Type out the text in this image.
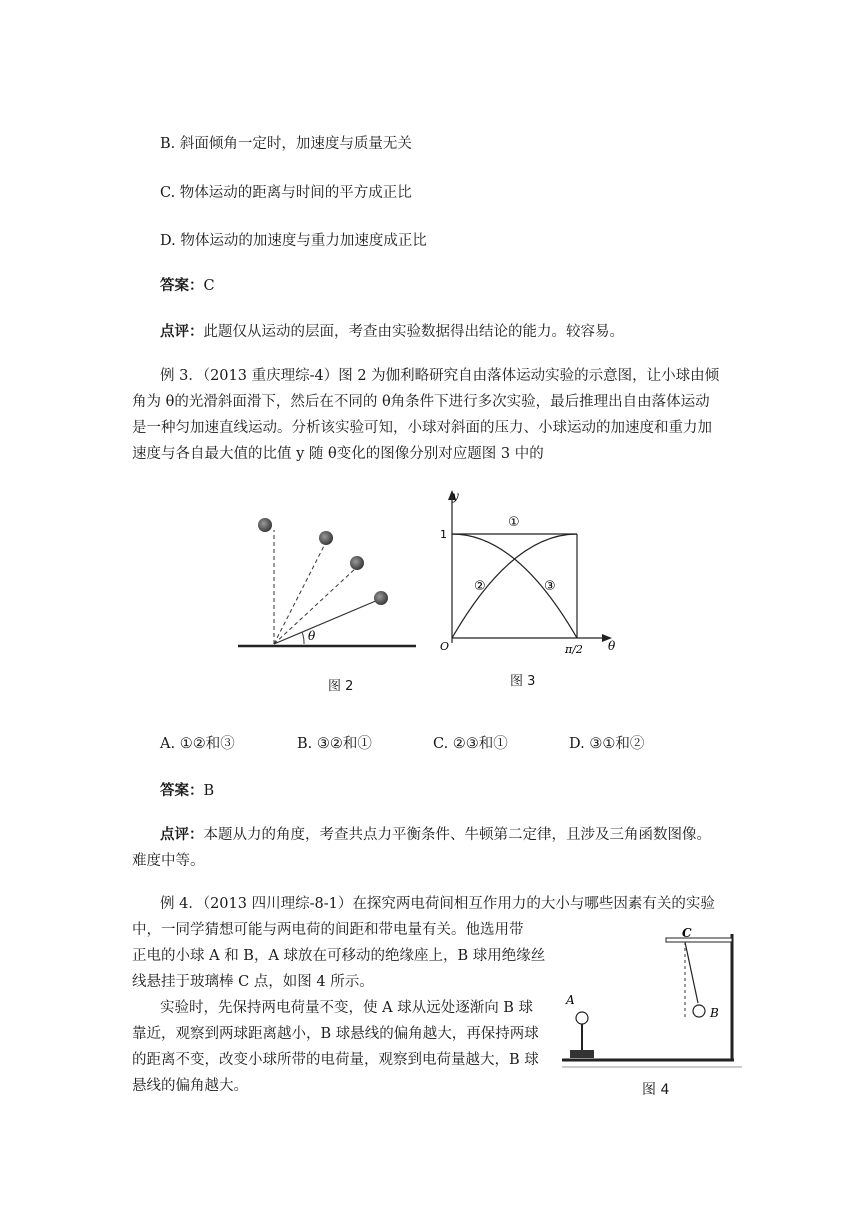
B. 斜面倾角一定时，加速度与质量无关
C. 物体运动的距离与时间的平方成正比
D. 物体运动的加速度与重力加速度成正比
答案：C
点评：此题仅从运动的层面，考查由实验数据得出结论的能力。较容易。

例 3．（2013 重庆理综-4）图 2 为伽利略研究自由落体运动实验的示意图，让小球由倾

角为 θ的光滑斜面滑下，然后在不同的 θ角条件下进行多次实验，最后推理出自由落体运动

是一种匀加速直线运动。分析该实验可知，小球对斜面的压力、小球运动的加速度和重力加

速度与各自最大值的比值 y 随 θ变化的图像分别对应题图 3 中的

θ
图 2
y
θ
1
O	π/2
①
②	③
图 3
A. ①②和③	B. ③②和①	C. ②③和①	D. ③①和②
答案：B

点评：本题从力的角度，考查共点力平衡条件、牛顿第二定律，且涉及三角函数图像。

难度中等。

例 4．（2013 四川理综-8-1）在探究两电荷间相互作用力的大小与哪些因素有关的实验

中，一同学猜想可能与两电荷的间距和带电量有关。他选用带

正电的小球 A 和 B，A 球放在可移动的绝缘座上，B 球用绝缘丝

线悬挂于玻璃棒 C 点，如图 4 所示。

实验时，先保持两电荷量不变，使 A 球从远处逐渐向 B 球

靠近，观察到两球距离越小，B 球悬线的偏角越大，再保持两球

的距离不变，改变小球所带的电荷量，观察到电荷量越大，B 球

悬线的偏角越大。

C
B
A
图 4
